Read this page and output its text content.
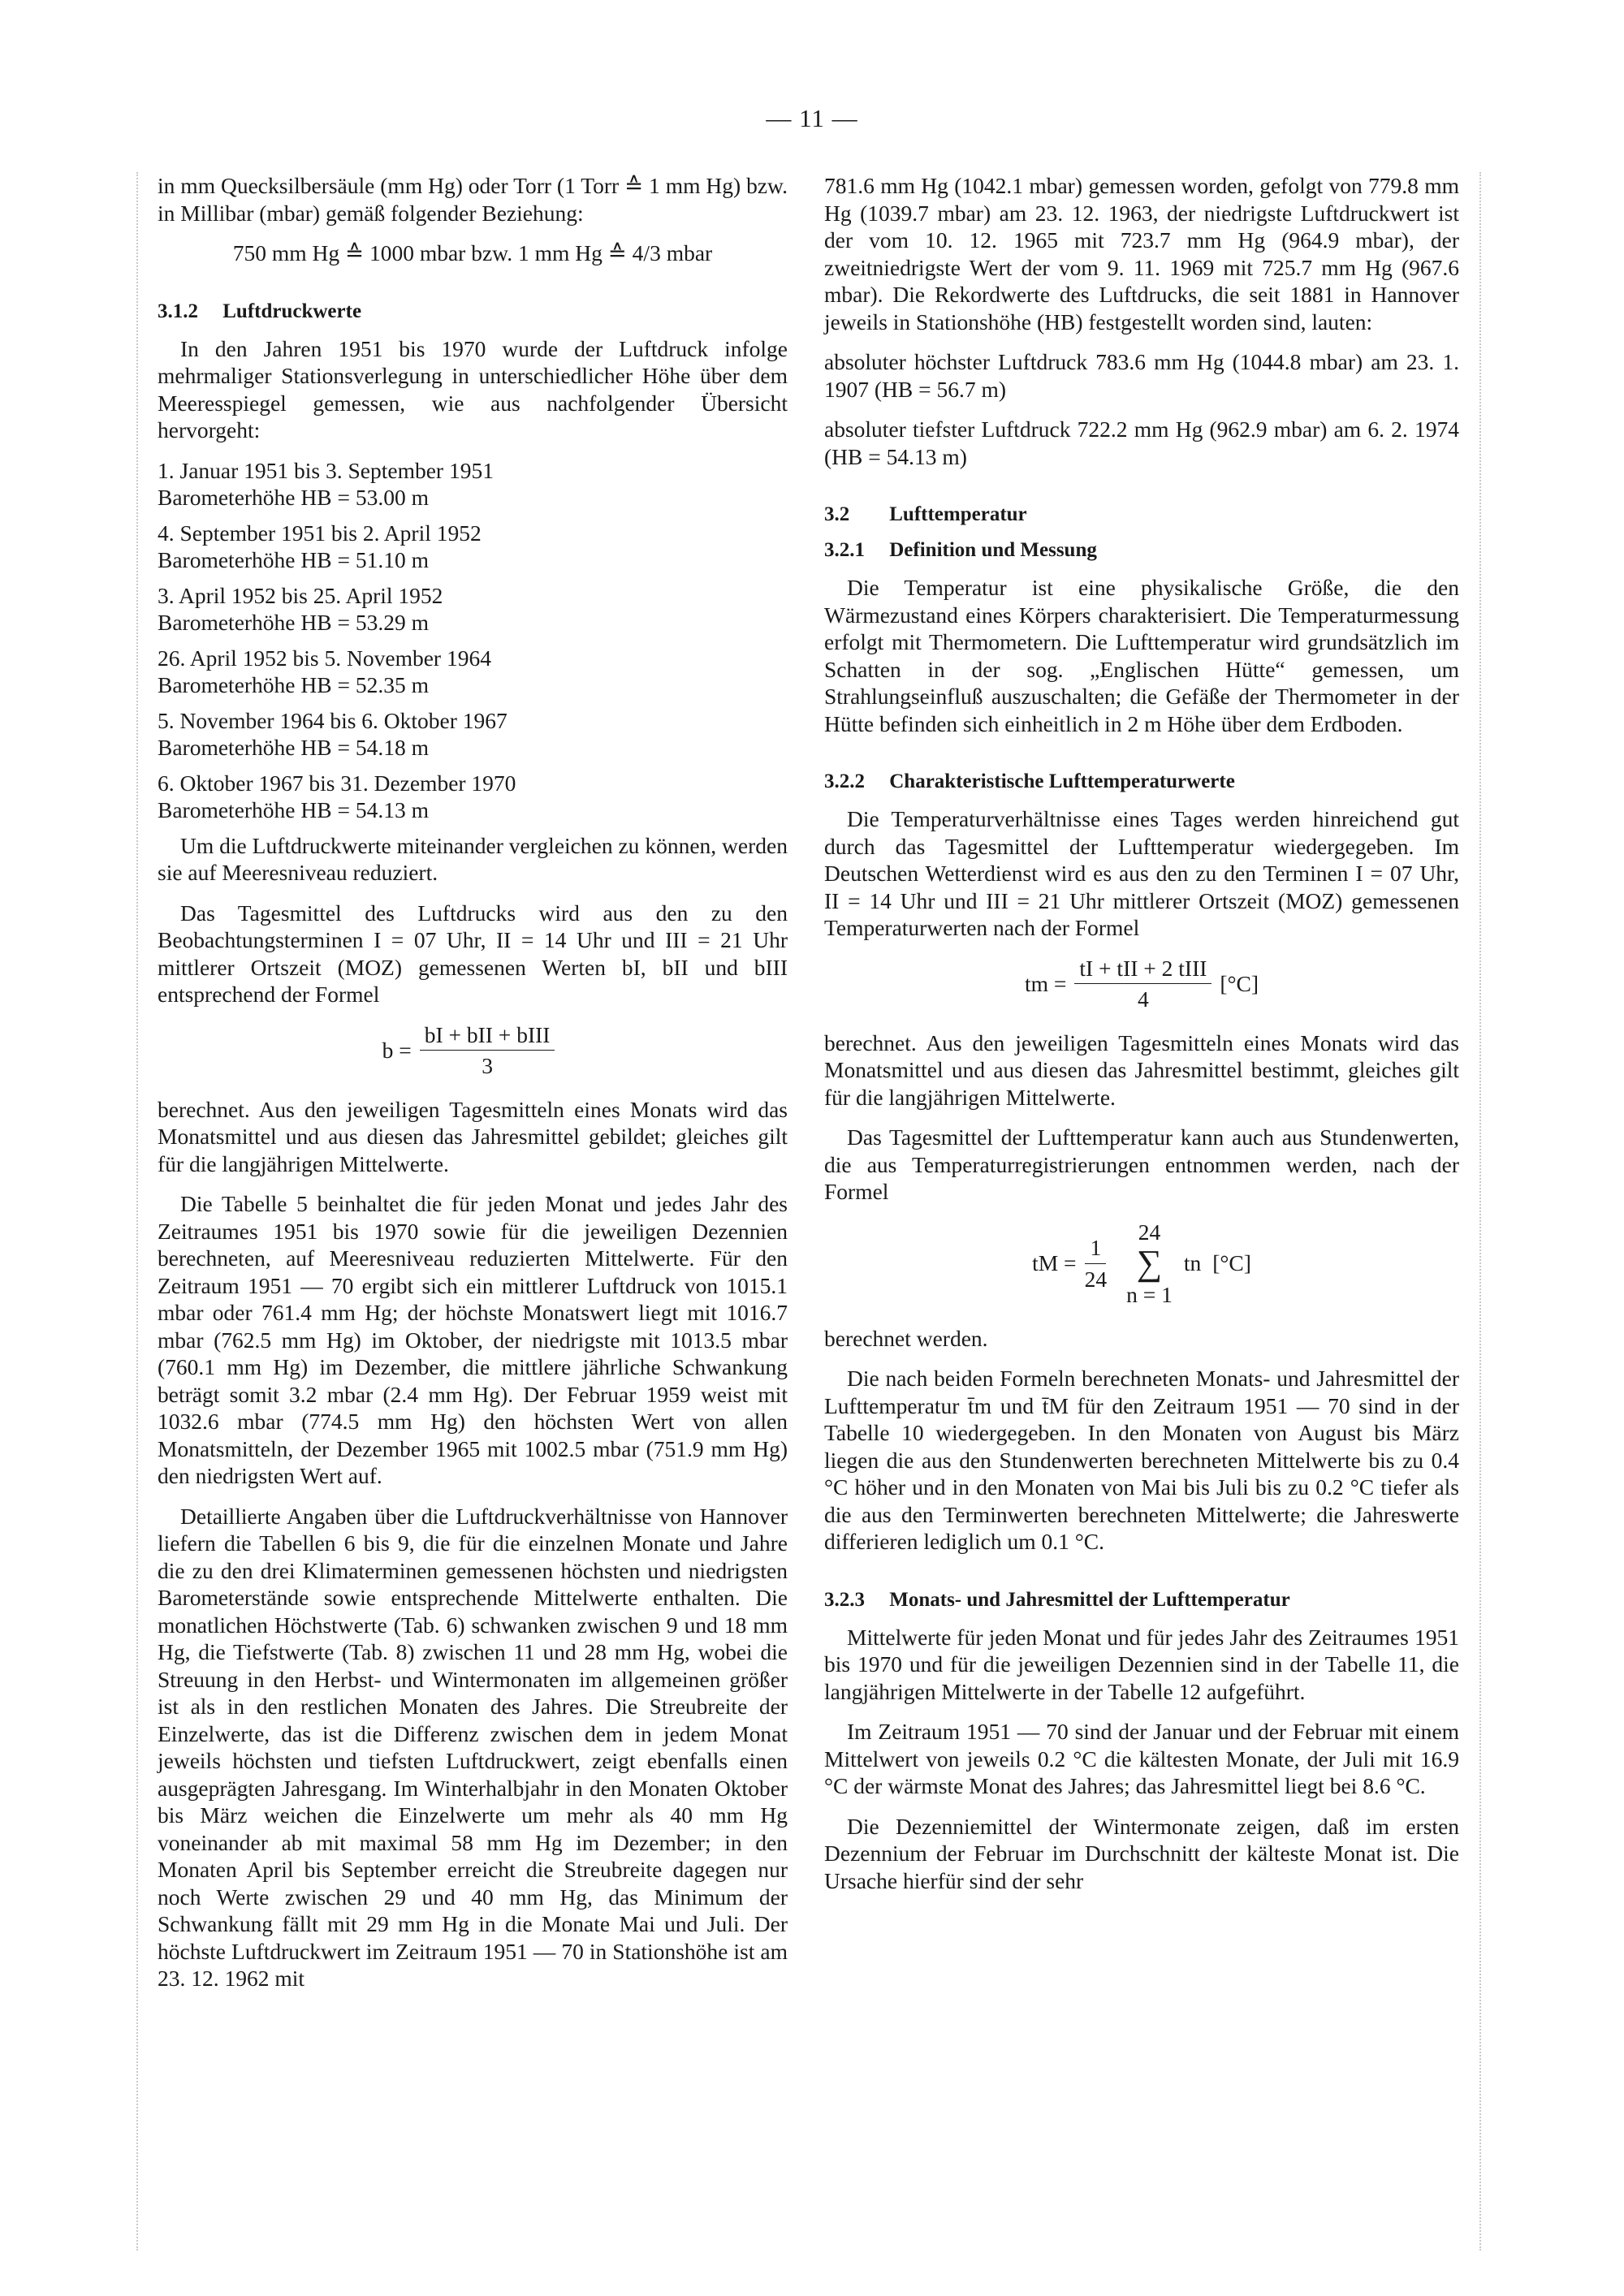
— 11 —

in mm Quecksilbersäule (mm Hg) oder Torr (1 Torr ≙ 1 mm Hg) bzw. in Millibar (mbar) gemäß folgender Beziehung:

750 mm Hg ≙ 1000 mbar bzw. 1 mm Hg ≙ 4/3 mbar
3.1.2 Luftdruckwerte

In den Jahren 1951 bis 1970 wurde der Luftdruck infolge mehrmaliger Stationsverlegung in unterschiedlicher Höhe über dem Meeresspiegel gemessen, wie aus nachfolgender Übersicht hervorgeht:

1. Januar 1951 bis 3. September 1951
Barometerhöhe HB = 53.00 m
4. September 1951 bis 2. April 1952
Barometerhöhe HB = 51.10 m
3. April 1952 bis 25. April 1952
Barometerhöhe HB = 53.29 m
26. April 1952 bis 5. November 1964
Barometerhöhe HB = 52.35 m
5. November 1964 bis 6. Oktober 1967
Barometerhöhe HB = 54.18 m
6. Oktober 1967 bis 31. Dezember 1970
Barometerhöhe HB = 54.13 m

Um die Luftdruckwerte miteinander vergleichen zu können, werden sie auf Meeresniveau reduziert.

Das Tagesmittel des Luftdrucks wird aus den zu den Beobachtungsterminen I = 07 Uhr, II = 14 Uhr und III = 21 Uhr mittlerer Ortszeit (MOZ) gemessenen Werten bI, bII und bIII entsprechend der Formel

$b = \frac{\text{bI + bII + bIII}}{3}$

berechnet. Aus den jeweiligen Tagesmitteln eines Monats wird das Monatsmittel und aus diesen das Jahresmittel gebildet; gleiches gilt für die langjährigen Mittelwerte.

Die Tabelle 5 beinhaltet die für jeden Monat und jedes Jahr des Zeitraumes 1951 bis 1970 sowie für die jeweiligen Dezennien berechneten, auf Meeresniveau reduzierten Mittelwerte. Für den Zeitraum 1951 — 70 ergibt sich ein mittlerer Luftdruck von 1015.1 mbar oder 761.4 mm Hg; der höchste Monatswert liegt mit 1016.7 mbar (762.5 mm Hg) im Oktober, der niedrigste mit 1013.5 mbar (760.1 mm Hg) im Dezember, die mittlere jährliche Schwankung beträgt somit 3.2 mbar (2.4 mm Hg). Der Februar 1959 weist mit 1032.6 mbar (774.5 mm Hg) den höchsten Wert von allen Monatsmitteln, der Dezember 1965 mit 1002.5 mbar (751.9 mm Hg) den niedrigsten Wert auf.

Detaillierte Angaben über die Luftdruckverhältnisse von Hannover liefern die Tabellen 6 bis 9, die für die einzelnen Monate und Jahre die zu den drei Klimaterminen gemessenen höchsten und niedrigsten Barometerstände sowie entsprechende Mittelwerte enthalten. Die monatlichen Höchstwerte (Tab. 6) schwanken zwischen 9 und 18 mm Hg, die Tiefstwerte (Tab. 8) zwischen 11 und 28 mm Hg, wobei die Streuung in den Herbst- und Wintermonaten im allgemeinen größer ist als in den restlichen Monaten des Jahres. Die Streubreite der Einzelwerte, das ist die Differenz zwischen dem in jedem Monat jeweils höchsten und tiefsten Luftdruckwert, zeigt ebenfalls einen ausgeprägten Jahresgang. Im Winterhalbjahr in den Monaten Oktober bis März weichen die Einzelwerte um mehr als 40 mm Hg voneinander ab mit maximal 58 mm Hg im Dezember; in den Monaten April bis September erreicht die Streubreite dagegen nur noch Werte zwischen 29 und 40 mm Hg, das Minimum der Schwankung fällt mit 29 mm Hg in die Monate Mai und Juli. Der höchste Luftdruckwert im Zeitraum 1951 — 70 in Stationshöhe ist am 23. 12. 1962 mit

781.6 mm Hg (1042.1 mbar) gemessen worden, gefolgt von 779.8 mm Hg (1039.7 mbar) am 23. 12. 1963, der niedrigste Luftdruckwert ist der vom 10. 12. 1965 mit 723.7 mm Hg (964.9 mbar), der zweitniedrigste Wert der vom 9. 11. 1969 mit 725.7 mm Hg (967.6 mbar). Die Rekordwerte des Luftdrucks, die seit 1881 in Hannover jeweils in Stationshöhe (HB) festgestellt worden sind, lauten:

absoluter höchster Luftdruck 783.6 mm Hg (1044.8 mbar) am 23. 1. 1907 (HB = 56.7 m)

absoluter tiefster Luftdruck 722.2 mm Hg (962.9 mbar) am 6. 2. 1974 (HB = 54.13 m)

3.2 Lufttemperatur
3.2.1 Definition und Messung

Die Temperatur ist eine physikalische Größe, die den Wärmezustand eines Körpers charakterisiert. Die Temperaturmessung erfolgt mit Thermometern. Die Lufttemperatur wird grundsätzlich im Schatten in der sog. „Englischen Hütte“ gemessen, um Strahlungseinfluß auszuschalten; die Gefäße der Thermometer in der Hütte befinden sich einheitlich in 2 m Höhe über dem Erdboden.

3.2.2 Charakteristische Lufttemperaturwerte

Die Temperaturverhältnisse eines Tages werden hinreichend gut durch das Tagesmittel der Lufttemperatur wiedergegeben. Im Deutschen Wetterdienst wird es aus den zu den Terminen I = 07 Uhr, II = 14 Uhr und III = 21 Uhr mittlerer Ortszeit (MOZ) gemessenen Temperaturwerten nach der Formel

tm = $\frac{\text{tI + tII + 2 tIII}}{4} [^\circ C]$

berechnet. Aus den jeweiligen Tagesmitteln eines Monats wird das Monatsmittel und aus diesen das Jahresmittel bestimmt, gleiches gilt für die langjährigen Mittelwerte.

Das Tagesmittel der Lufttemperatur kann auch aus Stundenwerten, die aus Temperaturregistrierungen entnommen werden, nach der Formel

tM = $\frac{1}{24}$
24
∑
n = 1
tn [°C]

berechnet werden.

Die nach beiden Formeln berechneten Monats- und Jahresmittel der Lufttemperatur t̄m und t̄M für den Zeitraum 1951 — 70 sind in der Tabelle 10 wiedergegeben. In den Monaten von August bis März liegen die aus den Stundenwerten berechneten Mittelwerte bis zu 0.4 °C höher und in den Monaten von Mai bis Juli bis zu 0.2 °C tiefer als die aus den Terminwerten berechneten Mittelwerte; die Jahreswerte differieren lediglich um 0.1 °C.

3.2.3 Monats- und Jahresmittel der Lufttemperatur

Mittelwerte für jeden Monat und für jedes Jahr des Zeitraumes 1951 bis 1970 und für die jeweiligen Dezennien sind in der Tabelle 11, die langjährigen Mittelwerte in der Tabelle 12 aufgeführt.

Im Zeitraum 1951 — 70 sind der Januar und der Februar mit einem Mittelwert von jeweils 0.2 °C die kältesten Monate, der Juli mit 16.9 °C der wärmste Monat des Jahres; das Jahresmittel liegt bei 8.6 °C.

Die Dezenniemittel der Wintermonate zeigen, daß im ersten Dezennium der Februar im Durchschnitt der kälteste Monat ist. Die Ursache hierfür sind der sehr
